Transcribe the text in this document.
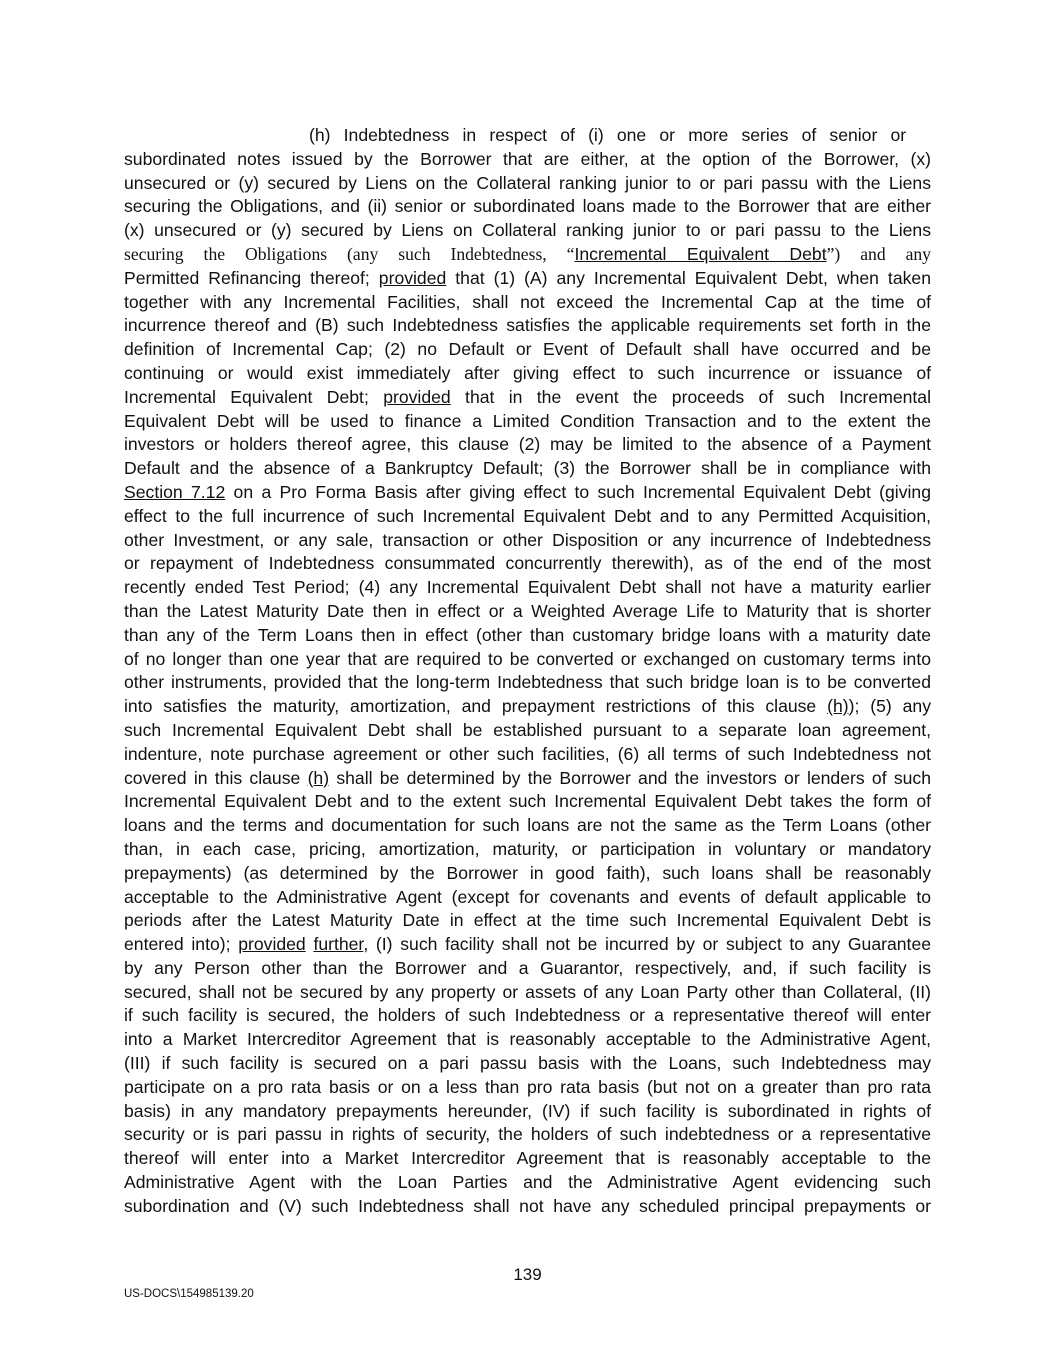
(h) Indebtedness in respect of (i) one or more series of senior or
subordinated notes issued by the Borrower that are either, at the option of the Borrower, (x)
unsecured or (y) secured by Liens on the Collateral ranking junior to or pari passu with the Liens
securing the Obligations, and (ii) senior or subordinated loans made to the Borrower that are either
(x) unsecured or (y) secured by Liens on Collateral ranking junior to or pari passu to the Liens
securing the Obligations (any such Indebtedness, “Incremental Equivalent Debt”) and any
Permitted Refinancing thereof; provided that (1) (A) any Incremental Equivalent Debt, when taken
together with any Incremental Facilities, shall not exceed the Incremental Cap at the time of
incurrence thereof and (B) such Indebtedness satisfies the applicable requirements set forth in the
definition of Incremental Cap; (2) no Default or Event of Default shall have occurred and be
continuing or would exist immediately after giving effect to such incurrence or issuance of
Incremental Equivalent Debt; provided that in the event the proceeds of such Incremental
Equivalent Debt will be used to finance a Limited Condition Transaction and to the extent the
investors or holders thereof agree, this clause (2) may be limited to the absence of a Payment
Default and the absence of a Bankruptcy Default; (3) the Borrower shall be in compliance with
Section 7.12 on a Pro Forma Basis after giving effect to such Incremental Equivalent Debt (giving
effect to the full incurrence of such Incremental Equivalent Debt and to any Permitted Acquisition,
other Investment, or any sale, transaction or other Disposition or any incurrence of Indebtedness
or repayment of Indebtedness consummated concurrently therewith), as of the end of the most
recently ended Test Period; (4) any Incremental Equivalent Debt shall not have a maturity earlier
than the Latest Maturity Date then in effect or a Weighted Average Life to Maturity that is shorter
than any of the Term Loans then in effect (other than customary bridge loans with a maturity date
of no longer than one year that are required to be converted or exchanged on customary terms into
other instruments, provided that the long-term Indebtedness that such bridge loan is to be converted
into satisfies the maturity, amortization, and prepayment restrictions of this clause (h)); (5) any
such Incremental Equivalent Debt shall be established pursuant to a separate loan agreement,
indenture, note purchase agreement or other such facilities, (6) all terms of such Indebtedness not
covered in this clause (h) shall be determined by the Borrower and the investors or lenders of such
Incremental Equivalent Debt and to the extent such Incremental Equivalent Debt takes the form of
loans and the terms and documentation for such loans are not the same as the Term Loans (other
than, in each case, pricing, amortization, maturity, or participation in voluntary or mandatory
prepayments) (as determined by the Borrower in good faith), such loans shall be reasonably
acceptable to the Administrative Agent (except for covenants and events of default applicable to
periods after the Latest Maturity Date in effect at the time such Incremental Equivalent Debt is
entered into); provided further, (I) such facility shall not be incurred by or subject to any Guarantee
by any Person other than the Borrower and a Guarantor, respectively, and, if such facility is
secured, shall not be secured by any property or assets of any Loan Party other than Collateral, (II)
if such facility is secured, the holders of such Indebtedness or a representative thereof will enter
into a Market Intercreditor Agreement that is reasonably acceptable to the Administrative Agent,
(III) if such facility is secured on a pari passu basis with the Loans, such Indebtedness may
participate on a pro rata basis or on a less than pro rata basis (but not on a greater than pro rata
basis) in any mandatory prepayments hereunder, (IV) if such facility is subordinated in rights of
security or is pari passu in rights of security, the holders of such indebtedness or a representative
thereof will enter into a Market Intercreditor Agreement that is reasonably acceptable to the
Administrative Agent with the Loan Parties and the Administrative Agent evidencing such
subordination and (V) such Indebtedness shall not have any scheduled principal prepayments or
139
US-DOCS\154985139.20
